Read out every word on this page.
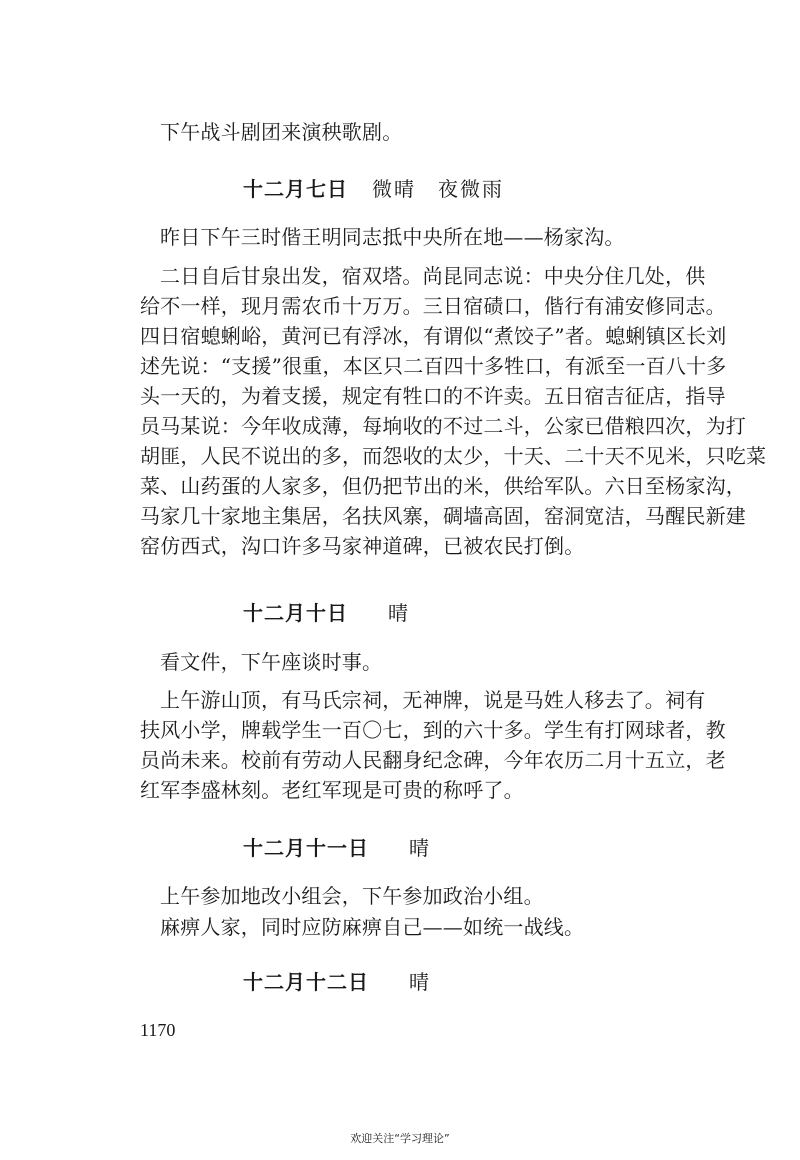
下午战斗剧团来演秧歌剧。
十二月七日 微晴　夜微雨
昨日下午三时偕王明同志抵中央所在地——杨家沟。
二日自后甘泉出发，宿双塔。尚昆同志说：中央分住几处，供
给不一样，现月需农币十万万。三日宿碛口，偕行有浦安修同志。
四日宿螅蜊峪，黄河已有浮冰，有谓似“煮饺子”者。螅蜊镇区长刘
述先说：“支援”很重，本区只二百四十多牲口，有派至一百八十多
头一天的，为着支援，规定有牲口的不许卖。五日宿吉征店，指导
员马某说：今年收成薄，每垧收的不过二斗，公家已借粮四次，为打
胡匪，人民不说出的多，而怨收的太少，十天、二十天不见米，只吃菜
菜、山药蛋的人家多，但仍把节出的米，供给军队。六日至杨家沟，
马家几十家地主集居，名扶风寨，碉墙高固，窑洞宽洁，马醒民新建
窑仿西式，沟口许多马家神道碑，已被农民打倒。
十二月十日 晴
看文件，下午座谈时事。
上午游山顶，有马氏宗祠，无神牌，说是马姓人移去了。祠有
扶风小学，牌载学生一百〇七，到的六十多。学生有打网球者，教
员尚未来。校前有劳动人民翻身纪念碑，今年农历二月十五立，老
红军李盛林刻。老红军现是可贵的称呼了。
十二月十一日 晴
上午参加地改小组会，下午参加政治小组。
麻痹人家，同时应防麻痹自己——如统一战线。
十二月十二日 晴
1170
欢迎关注“学习理论”
